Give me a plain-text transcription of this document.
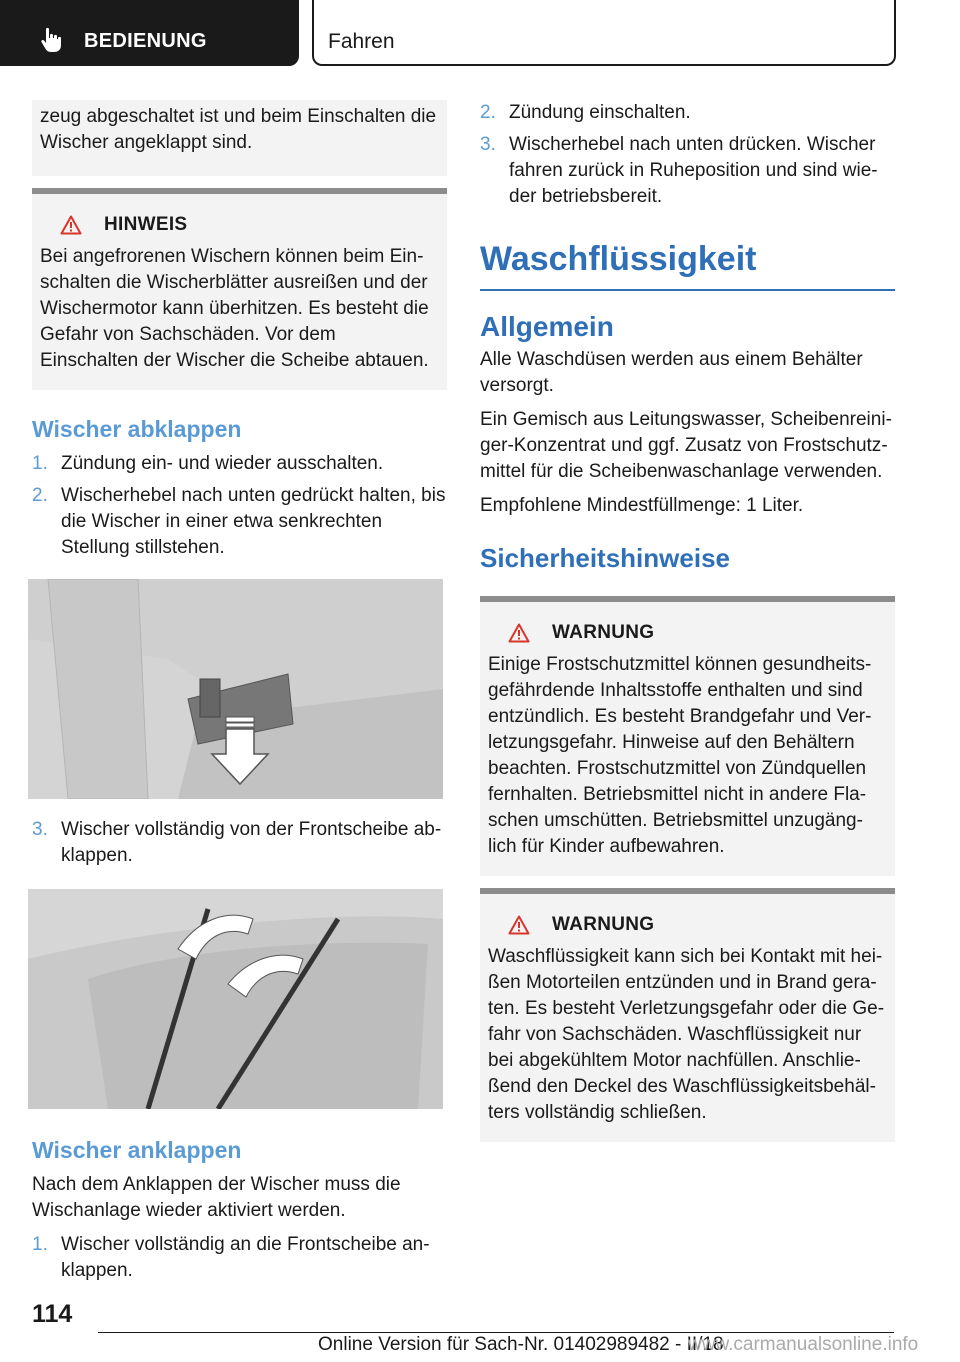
BEDIENUNG	Fahren

zeug abgeschaltet ist und beim Einschalten die Wischer angeklappt sind.

HINWEIS

Bei angefrorenen Wischern können beim Einschalten die Wischerblätter ausreißen und der Wischermotor kann überhitzen. Es besteht die Gefahr von Sachschäden. Vor dem Einschalten der Wischer die Scheibe abtauen.

Wischer abklappen
1. Zündung ein- und wieder ausschalten.
2. Wischerhebel nach unten gedrückt halten, bis die Wischer in einer etwa senkrechten Stellung stillstehen.
3. Wischer vollständig von der Frontscheibe abklappen.
Wischer anklappen

Nach dem Anklappen der Wischer muss die Wischanlage wieder aktiviert werden.

1. Wischer vollständig an die Frontscheibe anklappen.
2. Zündung einschalten.
3. Wischerhebel nach unten drücken. Wischer fahren zurück in Ruheposition und sind wieder betriebsbereit.
Waschflüssigkeit
Allgemein

Alle Waschdüsen werden aus einem Behälter versorgt.

Ein Gemisch aus Leitungswasser, Scheibenreiniger-Konzentrat und ggf. Zusatz von Frostschutzmittel für die Scheibenwaschanlage verwenden.

Empfohlene Mindestfüllmenge: 1 Liter.

Sicherheitshinweise
WARNUNG

Einige Frostschutzmittel können gesundheitsgefährdende Inhaltsstoffe enthalten und sind entzündlich. Es besteht Brandgefahr und Verletzungsgefahr. Hinweise auf den Behältern beachten. Frostschutzmittel von Zündquellen fernhalten. Betriebsmittel nicht in andere Flaschen umschütten. Betriebsmittel unzugänglich für Kinder aufbewahren.

WARNUNG

Waschflüssigkeit kann sich bei Kontakt mit heißen Motorteilen entzünden und in Brand geraten. Es besteht Verletzungsgefahr oder die Gefahr von Sachschäden. Waschflüssigkeit nur bei abgekühltem Motor nachfüllen. Anschließend den Deckel des Waschflüssigkeitsbehälters vollständig schließen.

114
Online Version für Sach-Nr. 01402989482 - II/18
www.carmanualsonline.info
